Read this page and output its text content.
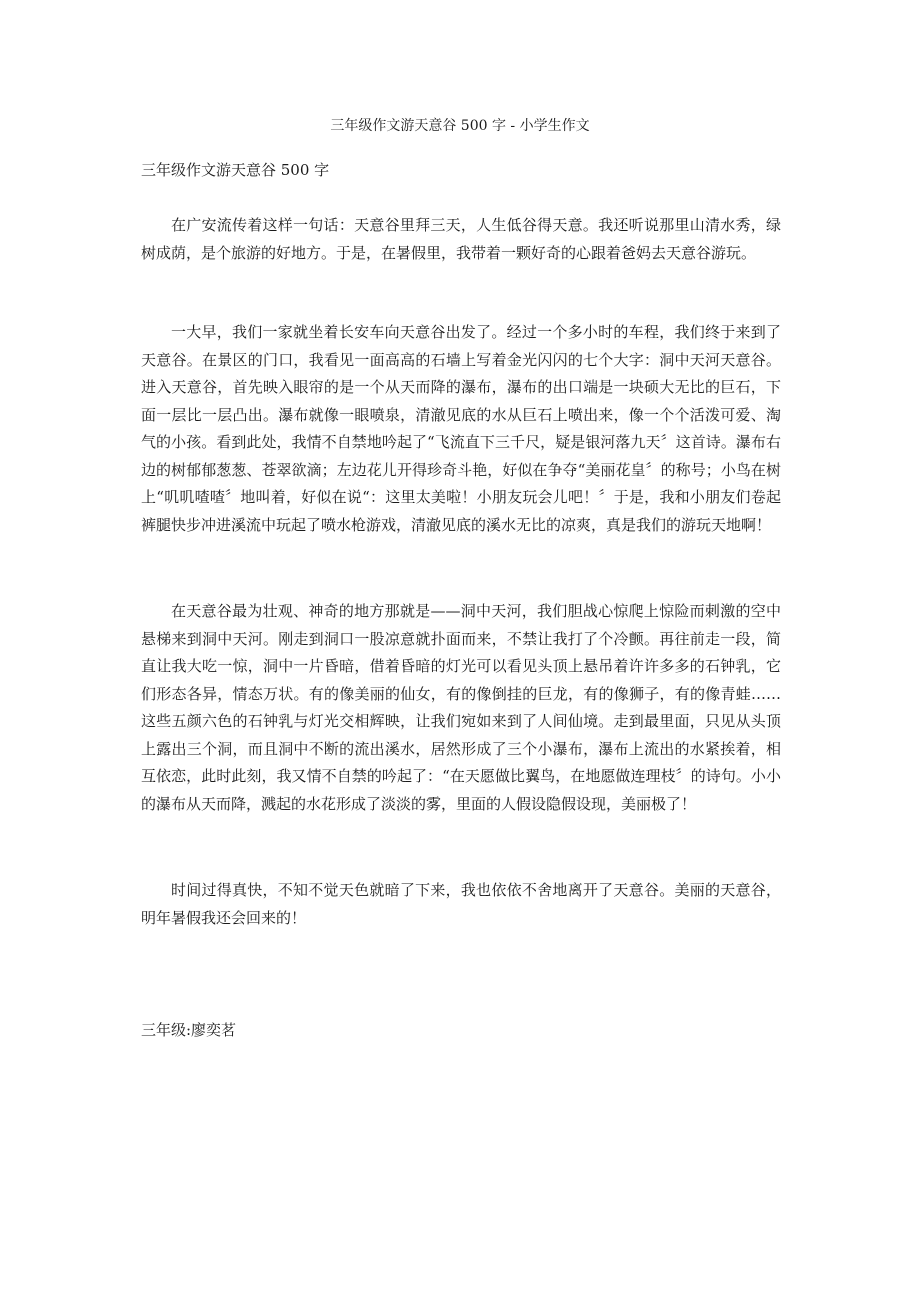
三年级作文游天意谷 500 字 - 小学生作文
三年级作文游天意谷 500 字

在广安流传着这样一句话：天意谷里拜三天，人生低谷得天意。我还听说那里山清水秀，绿树成荫，是个旅游的好地方。于是，在暑假里，我带着一颗好奇的心跟着爸妈去天意谷游玩。

一大早，我们一家就坐着长安车向天意谷出发了。经过一个多小时的车程，我们终于来到了天意谷。在景区的门口，我看见一面高高的石墙上写着金光闪闪的七个大字：洞中天河天意谷。进入天意谷，首先映入眼帘的是一个从天而降的瀑布，瀑布的出口端是一块硕大无比的巨石，下面一层比一层凸出。瀑布就像一眼喷泉，清澈见底的水从巨石上喷出来，像一个个活泼可爱、淘气的小孩。看到此处，我情不自禁地吟起了“飞流直下三千尺，疑是银河落九天〞这首诗。瀑布右边的树郁郁葱葱、苍翠欲滴；左边花儿开得珍奇斗艳，好似在争夺“美丽花皇〞的称号；小鸟在树上“叽叽喳喳〞地叫着，好似在说“：这里太美啦！小朋友玩会儿吧！〞于是，我和小朋友们卷起裤腿快步冲进溪流中玩起了喷水枪游戏，清澈见底的溪水无比的凉爽，真是我们的游玩天地啊！

在天意谷最为壮观、神奇的地方那就是——洞中天河，我们胆战心惊爬上惊险而刺激的空中悬梯来到洞中天河。刚走到洞口一股凉意就扑面而来，不禁让我打了个冷颤。再往前走一段，简直让我大吃一惊，洞中一片昏暗，借着昏暗的灯光可以看见头顶上悬吊着许许多多的石钟乳，它们形态各异，情态万状。有的像美丽的仙女，有的像倒挂的巨龙，有的像狮子，有的像青蛙……这些五颜六色的石钟乳与灯光交相辉映，让我们宛如来到了人间仙境。走到最里面，只见从头顶上露出三个洞，而且洞中不断的流出溪水，居然形成了三个小瀑布，瀑布上流出的水紧挨着，相互依恋，此时此刻，我又情不自禁的吟起了：“在天愿做比翼鸟，在地愿做连理枝〞的诗句。小小的瀑布从天而降，溅起的水花形成了淡淡的雾，里面的人假设隐假设现，美丽极了！

时间过得真快，不知不觉天色就暗了下来，我也依依不舍地离开了天意谷。美丽的天意谷，明年暑假我还会回来的！

三年级:廖奕茗
